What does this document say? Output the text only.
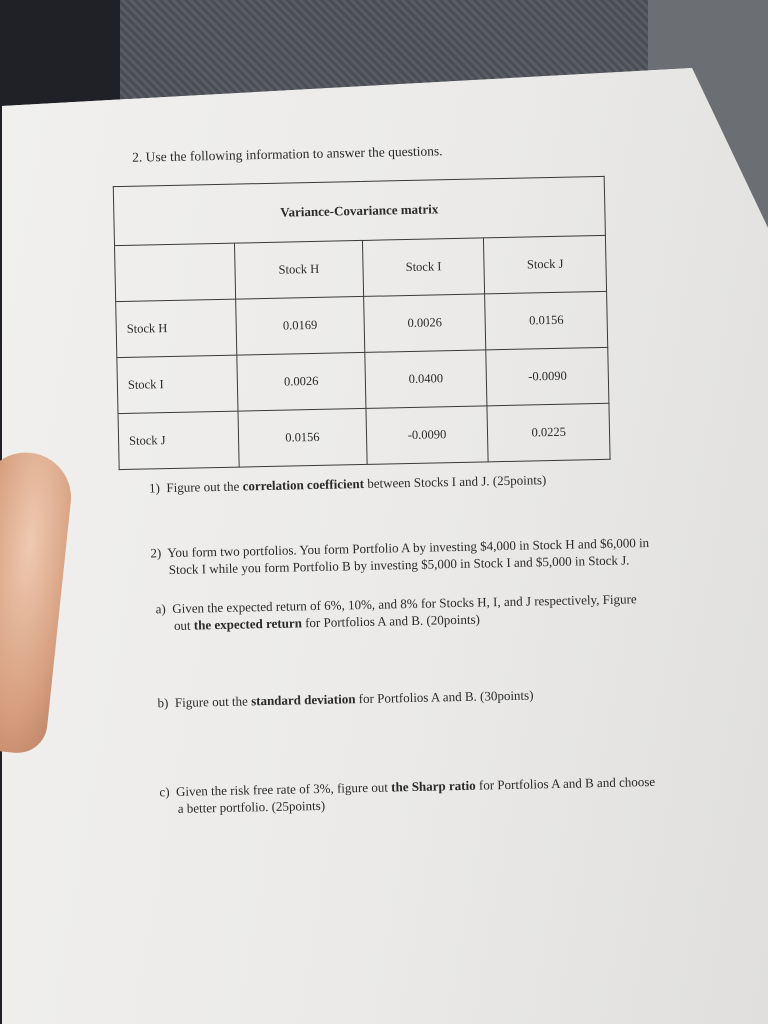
2. Use the following information to answer the questions.

Variance-Covariance matrix			
	Stock H	Stock I	Stock J
Stock H	0.0169	0.0026	0.0156
Stock I	0.0026	0.0400	-0.0090
Stock J	0.0156	-0.0090	0.0225

1) Figure out the correlation coefficient between Stocks I and J. (25points)

2) You form two portfolios. You form Portfolio A by investing $4,000 in Stock H and $6,000 in Stock I while you form Portfolio B by investing $5,000 in Stock I and $5,000 in Stock J.

a) Given the expected return of 6%, 10%, and 8% for Stocks H, I, and J respectively, Figure out the expected return for Portfolios A and B. (20points)

b) Figure out the standard deviation for Portfolios A and B. (30points)

c) Given the risk free rate of 3%, figure out the Sharp ratio for Portfolios A and B and choose a better portfolio. (25points)
